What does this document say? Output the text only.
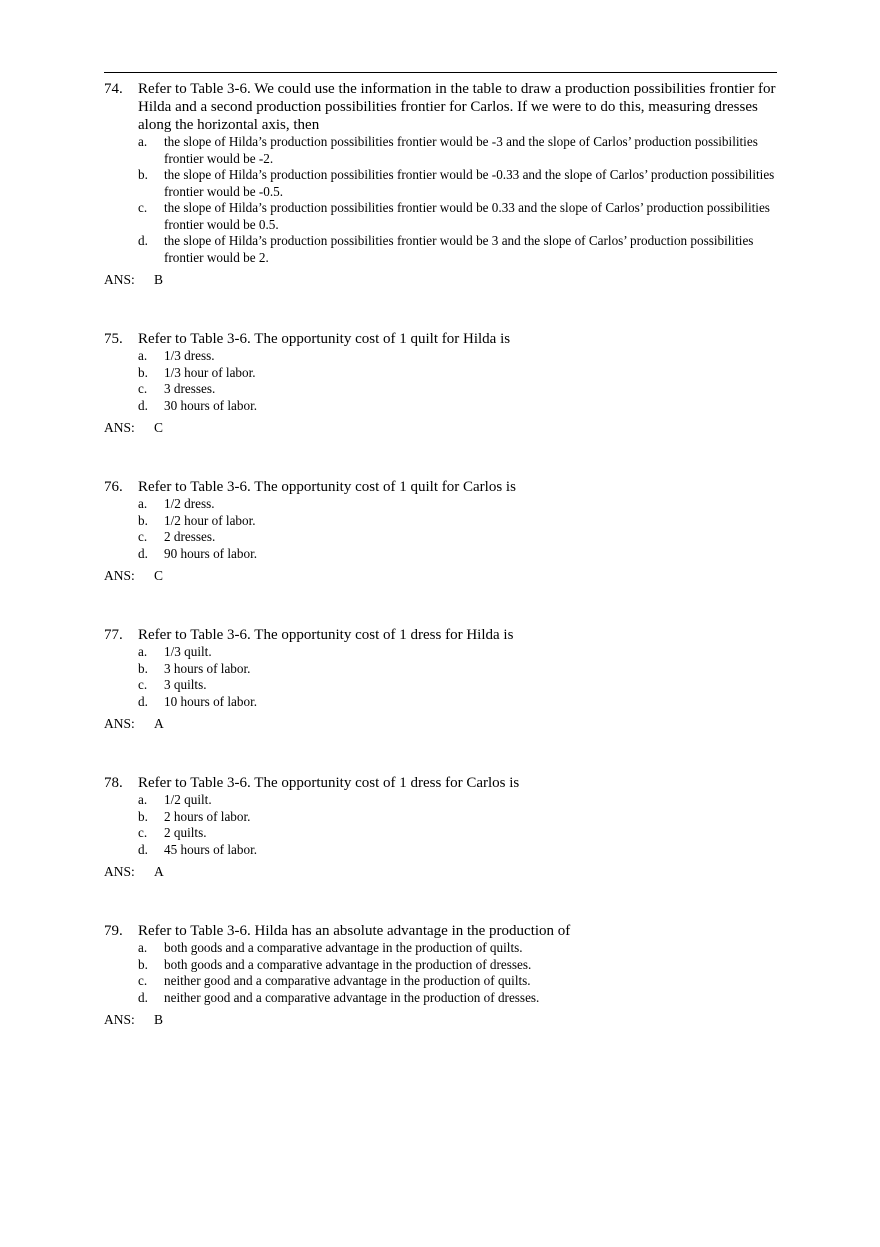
74. Refer to Table 3-6. We could use the information in the table to draw a production possibilities frontier for Hilda and a second production possibilities frontier for Carlos. If we were to do this, measuring dresses along the horizontal axis, then
a. the slope of Hilda’s production possibilities frontier would be -3 and the slope of Carlos’ production possibilities frontier would be -2.
b. the slope of Hilda’s production possibilities frontier would be -0.33 and the slope of Carlos’ production possibilities frontier would be -0.5.
c. the slope of Hilda’s production possibilities frontier would be 0.33 and the slope of Carlos’ production possibilities frontier would be 0.5.
d. the slope of Hilda’s production possibilities frontier would be 3 and the slope of Carlos’ production possibilities frontier would be 2.
ANS: B
75. Refer to Table 3-6. The opportunity cost of 1 quilt for Hilda is
a. 1/3 dress.
b. 1/3 hour of labor.
c. 3 dresses.
d. 30 hours of labor.
ANS: C
76. Refer to Table 3-6. The opportunity cost of 1 quilt for Carlos is
a. 1/2 dress.
b. 1/2 hour of labor.
c. 2 dresses.
d. 90 hours of labor.
ANS: C
77. Refer to Table 3-6. The opportunity cost of 1 dress for Hilda is
a. 1/3 quilt.
b. 3 hours of labor.
c. 3 quilts.
d. 10 hours of labor.
ANS: A
78. Refer to Table 3-6. The opportunity cost of 1 dress for Carlos is
a. 1/2 quilt.
b. 2 hours of labor.
c. 2 quilts.
d. 45 hours of labor.
ANS: A
79. Refer to Table 3-6. Hilda has an absolute advantage in the production of
a. both goods and a comparative advantage in the production of quilts.
b. both goods and a comparative advantage in the production of dresses.
c. neither good and a comparative advantage in the production of quilts.
d. neither good and a comparative advantage in the production of dresses.
ANS: B
